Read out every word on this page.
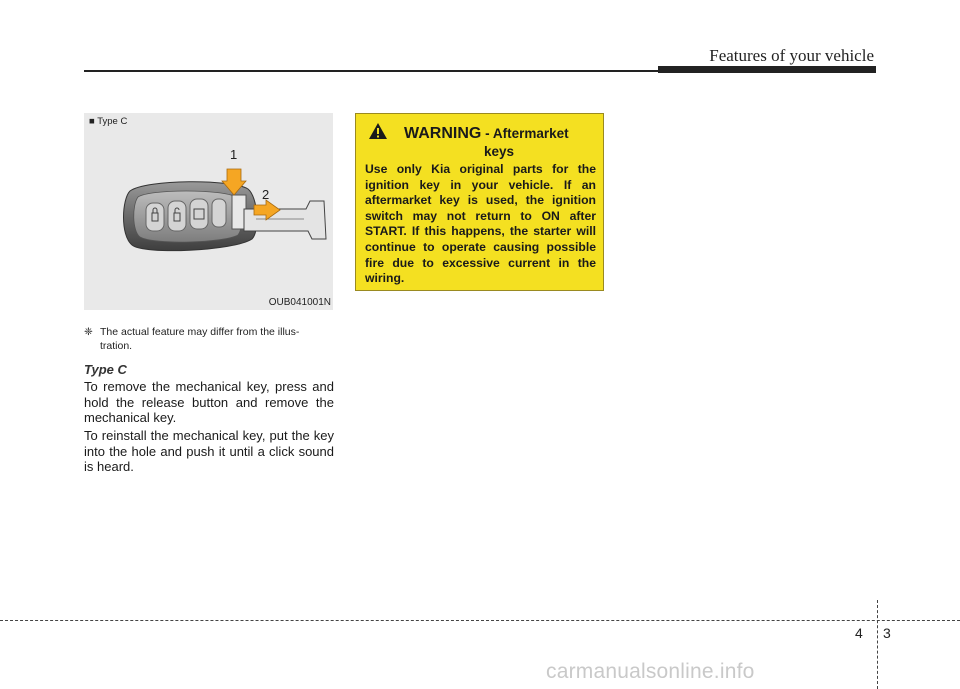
Features of your vehicle
■ Type C
1
2
OUB041001N
❈ The actual feature may differ from the illus-
tration.
Type C

To remove the mechanical key, press and hold the release button and remove the mechanical key.

To reinstall the mechanical key, put the key into the hole and push it until a click sound is heard.

WARNING - Aftermarket
keys

Use only Kia original parts for the ignition key in your vehicle. If an aftermarket key is used, the ignition switch may not return to ON after START. If this happens, the starter will continue to operate causing possible fire due to excessive current in the wiring.

4 3
carmanualsonline.info
